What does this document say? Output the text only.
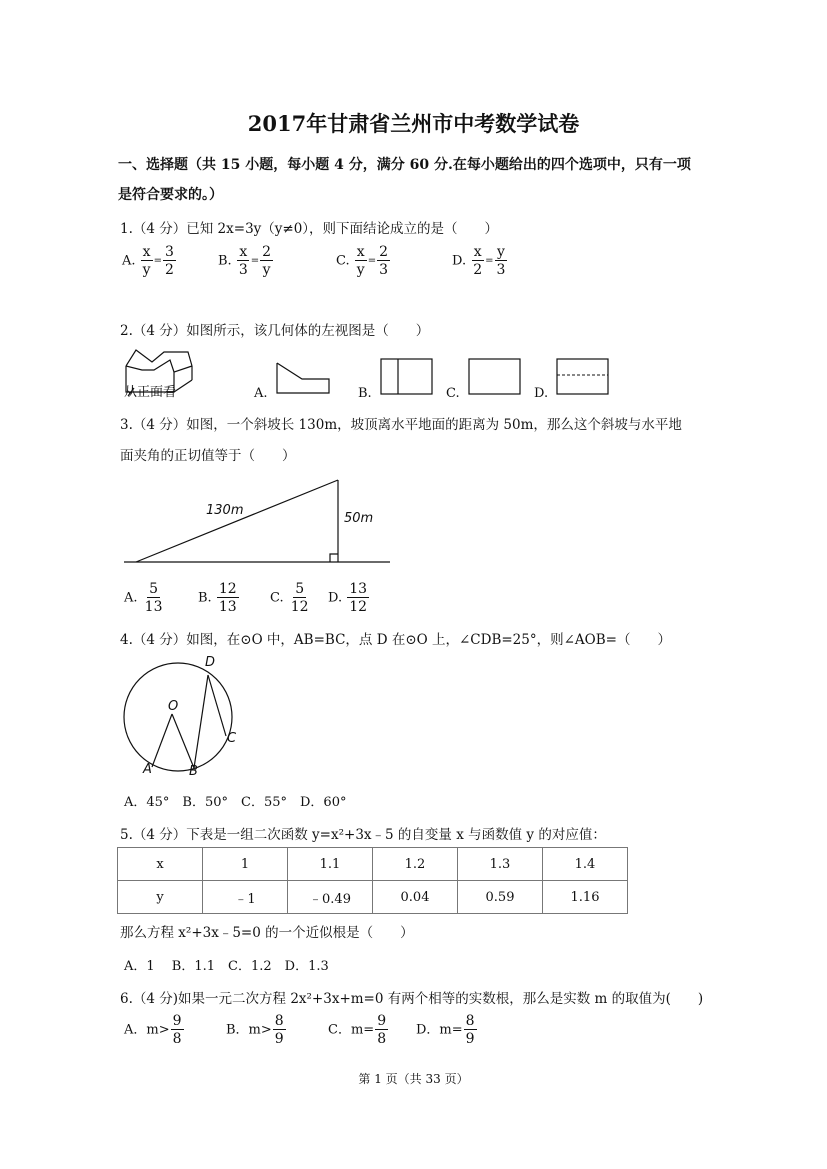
2017年甘肃省兰州市中考数学试卷
一、选择题（共 15 小题，每小题 4 分，满分 60 分.在每小题给出的四个选项中，只有一项
是符合要求的。）
1.（4 分）已知 2x=3y（y≠0），则下面结论成立的是（　　）
A. $\frac{x}{y} = \frac{3}{2}$	B. $\frac{x}{3} = \frac{2}{y}$	C. $\frac{x}{y} = \frac{2}{3}$	D. $\frac{x}{2} = \frac{y}{3}$
2.（4 分）如图所示，该几何体的左视图是（　　）
从正面看	A.	B.	C.	D.
3.（4 分）如图，一个斜坡长 130m，坡顶离水平地面的距离为 50m，那么这个斜坡与水平地
面夹角的正切值等于（　　）
130m
50m
A. $\frac{5}{13}$	B. $\frac{12}{13} C$. $\frac{5}{12} D$. $\frac{13}{12}$
4.（4 分）如图，在⊙O 中，AB=BC，点 D 在⊙O 上，∠CDB=25°，则∠AOB=（　　）
D
O
C
A	B
A．45°　B．50°　C．55°　D．60°
5.（4 分）下表是一组二次函数 y=x²+3x﹣5 的自变量 x 与函数值 y 的对应值：
x	1	1.1	1.2	1.3	1.4
y	﹣1	﹣0.49	0.04	0.59	1.16
那么方程 x²+3x﹣5=0 的一个近似根是（　　）
A．1　 B．1.1　C．1.2　D．1.3
6.（4 分)如果一元二次方程 2x²+3x+m=0 有两个相等的实数根，那么是实数 m 的取值为(　　)
A．$m> \frac{9}{8}$	B．$m> \frac{8}{9}$	C．$m= \frac{9}{8}$ D．$m= \frac{8}{9}$
第 1 页（共 33 页）
